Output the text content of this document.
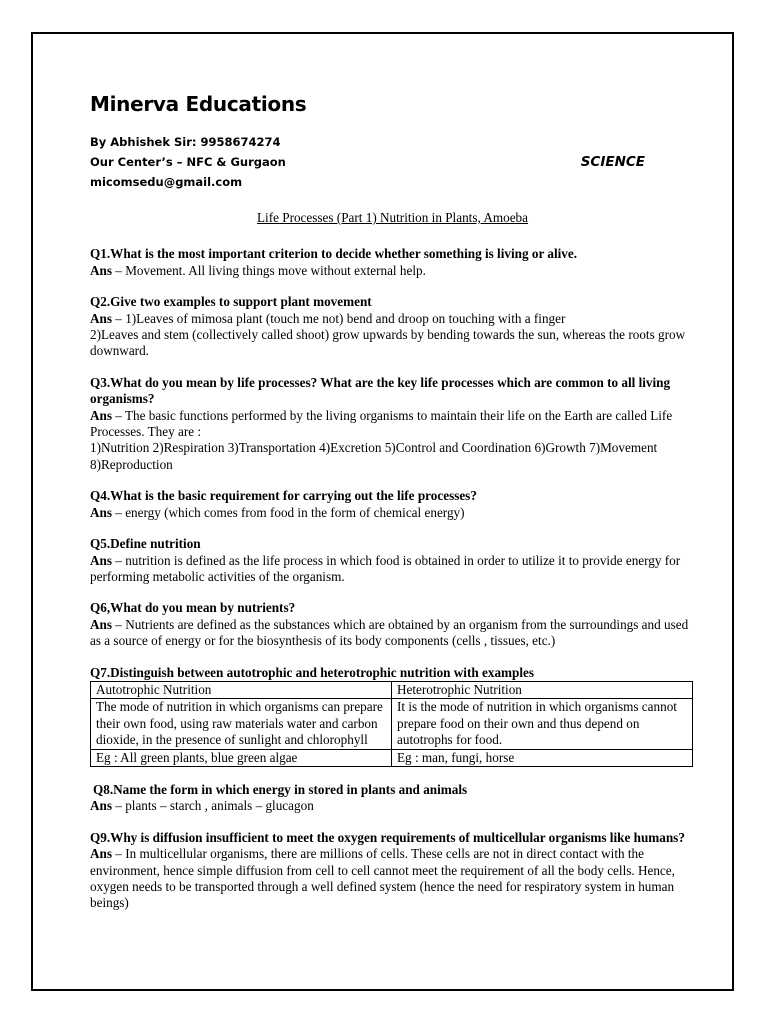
Minerva Educations
By Abhishek Sir: 9958674274
Our Center’s – NFC & Gurgaon
micomsedu@gmail.com
SCIENCE
Life Processes (Part 1) Nutrition in Plants, Amoeba
Q1.What is the most important criterion to decide whether something is living or alive.
Ans – Movement. All living things move without external help.
Q2.Give two examples to support plant movement
Ans – 1)Leaves of mimosa plant (touch me not) bend and droop on touching with a finger
2)Leaves and stem (collectively called shoot) grow upwards by bending towards the sun, whereas the roots grow downward.
Q3.What do you mean by life processes? What are the key life processes which are common to all living organisms?
Ans – The basic functions performed by the living organisms to maintain their life on the Earth are called Life Processes. They are :
1)Nutrition 2)Respiration 3)Transportation 4)Excretion 5)Control and Coordination 6)Growth 7)Movement 8)Reproduction
Q4.What is the basic requirement for carrying out the life processes?
Ans – energy (which comes from food in the form of chemical energy)
Q5.Define nutrition
Ans – nutrition is defined as the life process in which food is obtained in order to utilize it to provide energy for performing metabolic activities of the organism.
Q6,What do you mean by nutrients?
Ans – Nutrients are defined as the substances which are obtained by an organism from the surroundings and used as a source of energy or for the biosynthesis of its body components (cells , tissues, etc.)
Q7.Distinguish between autotrophic and heterotrophic nutrition with examples
Autotrophic Nutrition	Heterotrophic Nutrition
The mode of nutrition in which organisms can prepare their own food, using raw materials water and carbon dioxide, in the presence of sunlight and chlorophyll	It is the mode of nutrition in which organisms cannot prepare food on their own and thus depend on autotrophs for food.
Eg : All green plants, blue green algae	Eg : man, fungi, horse
Q8.Name the form in which energy in stored in plants and animals
Ans – plants – starch , animals – glucagon
Q9.Why is diffusion insufficient to meet the oxygen requirements of multicellular organisms like humans?
Ans – In multicellular organisms, there are millions of cells. These cells are not in direct contact with the environment, hence simple diffusion from cell to cell cannot meet the requirement of all the body cells. Hence, oxygen needs to be transported through a well defined system (hence the need for respiratory system in human beings)
